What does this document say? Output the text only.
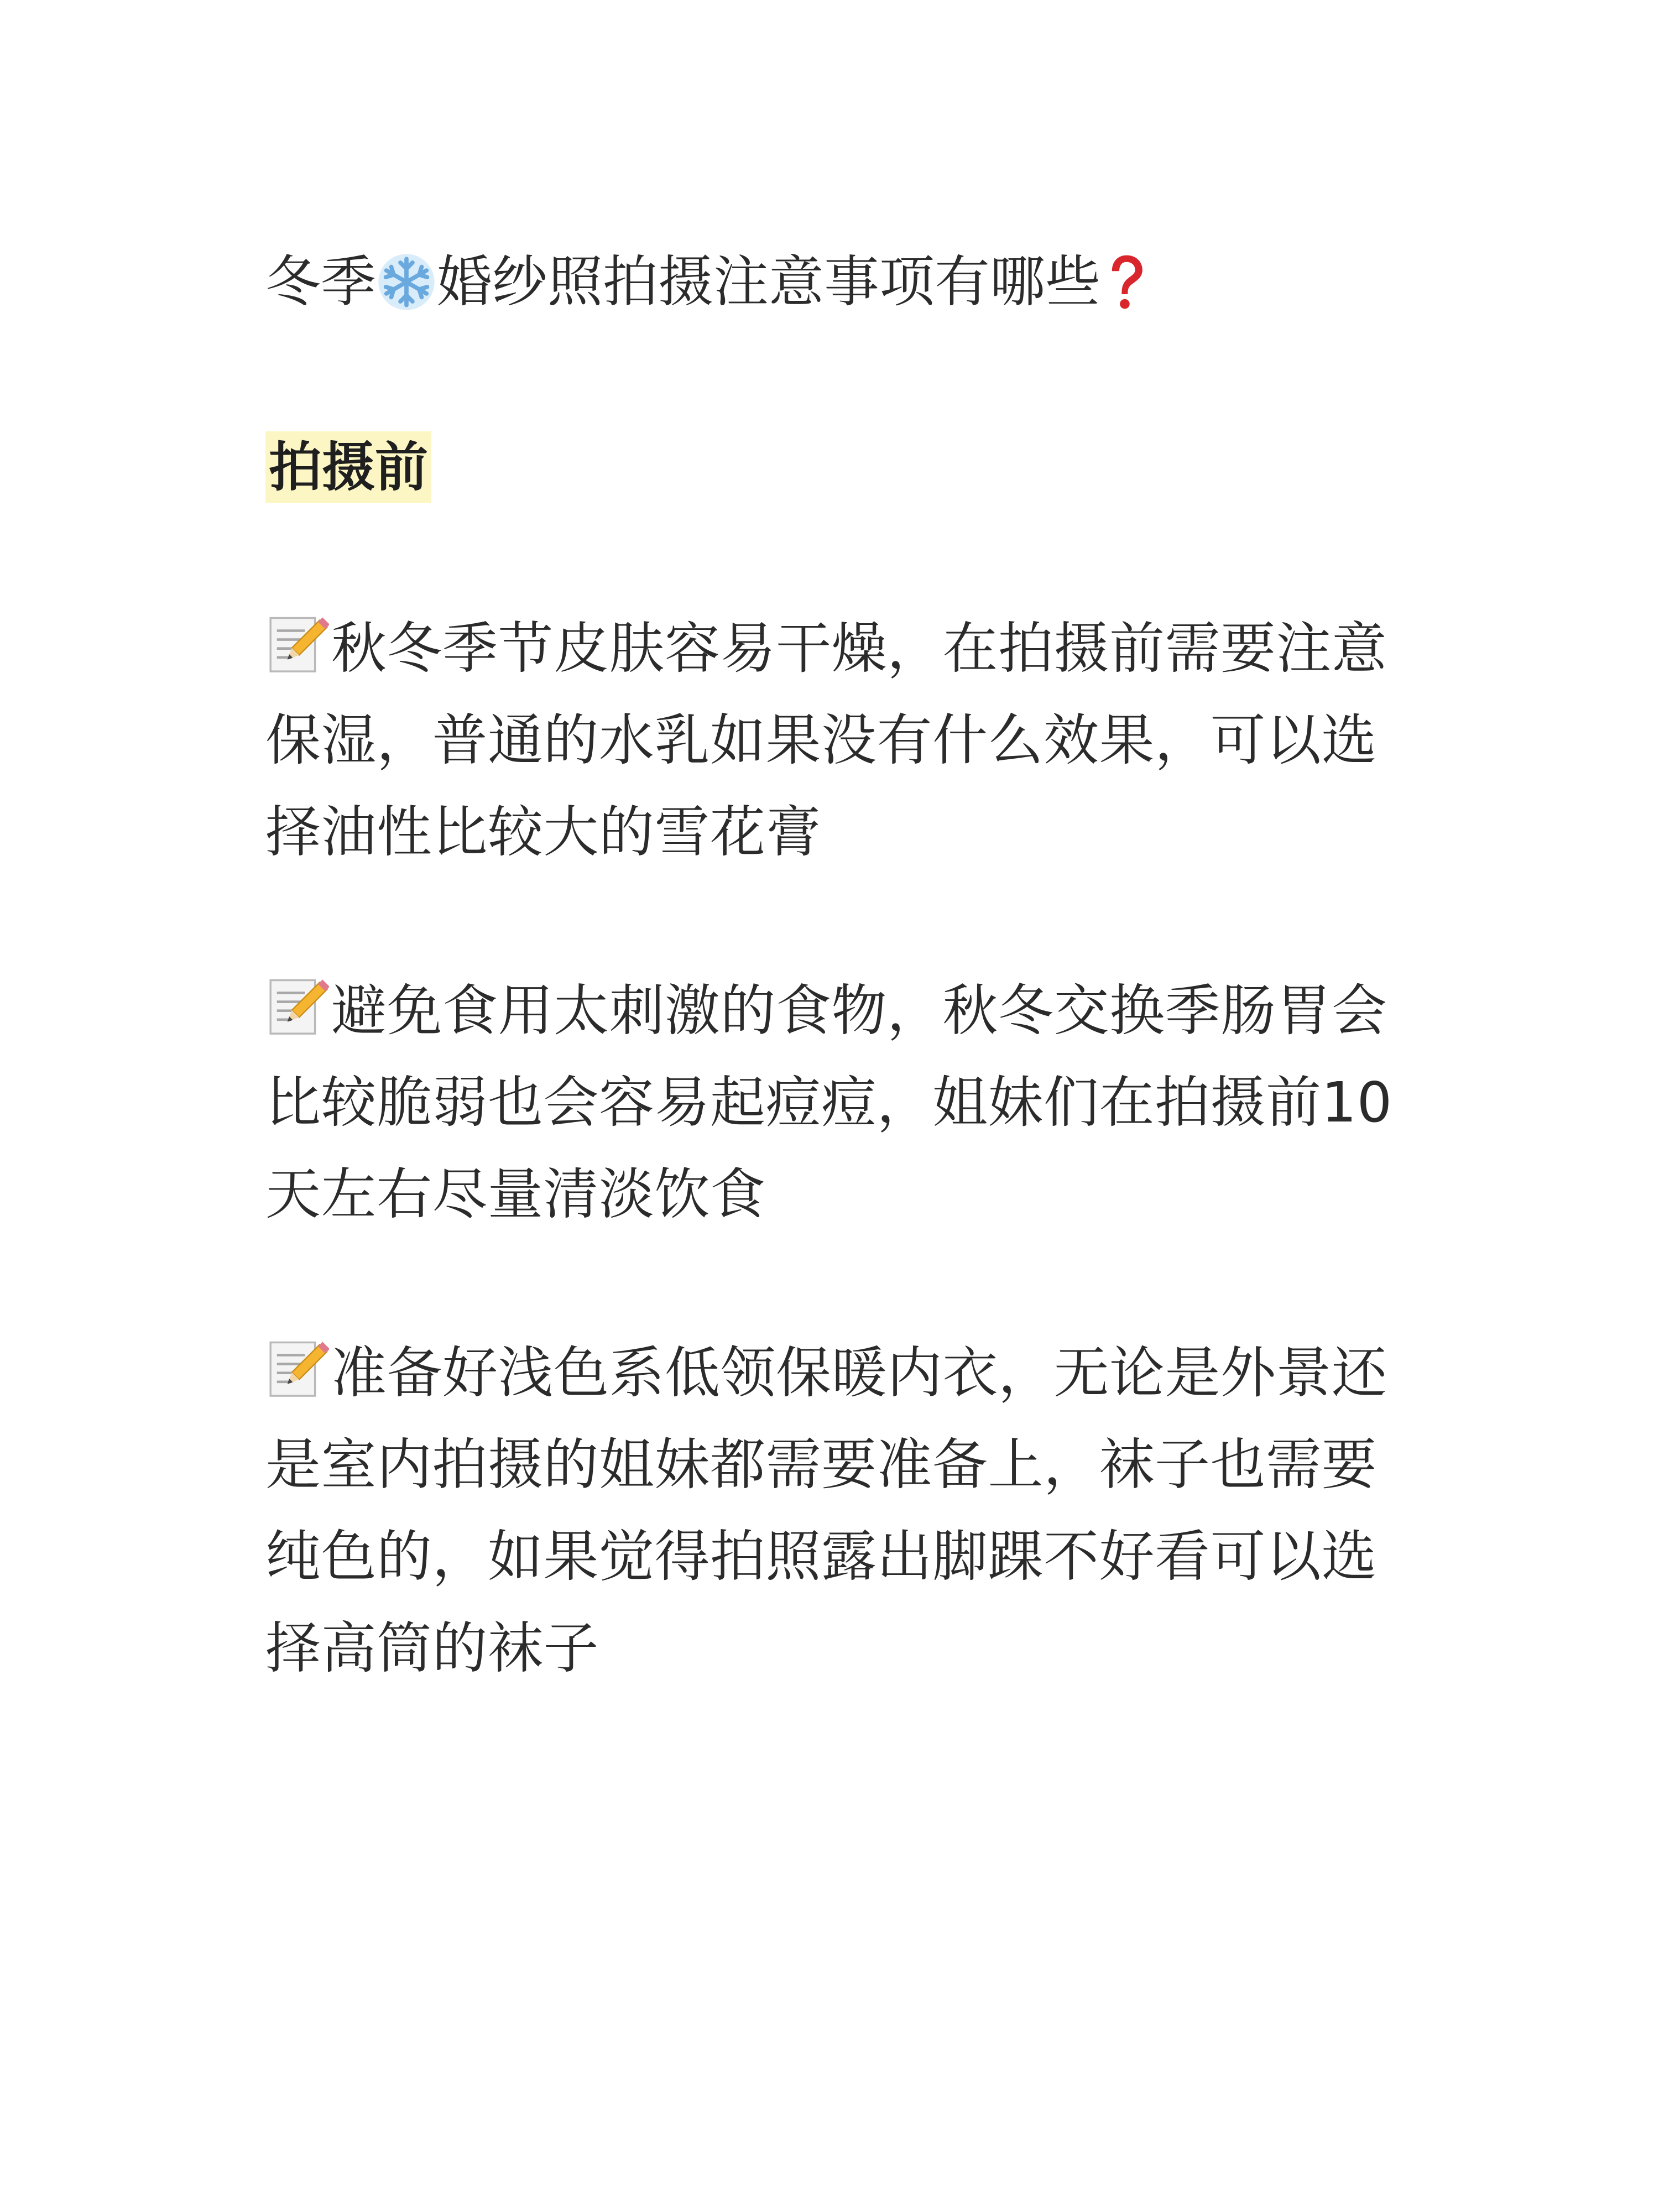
冬季 婚纱照拍摄注意事项有哪些
拍摄前
秋冬季节皮肤容易干燥，在拍摄前需要注意保湿，普通的水乳如果没有什么效果，可以选择油性比较大的雪花膏
避免食用太刺激的食物，秋冬交换季肠胃会比较脆弱也会容易起痘痘，姐妹们在拍摄前10天左右尽量清淡饮食
准备好浅色系低领保暖内衣，无论是外景还是室内拍摄的姐妹都需要准备上，袜子也需要纯色的，如果觉得拍照露出脚踝不好看可以选择高筒的袜子
